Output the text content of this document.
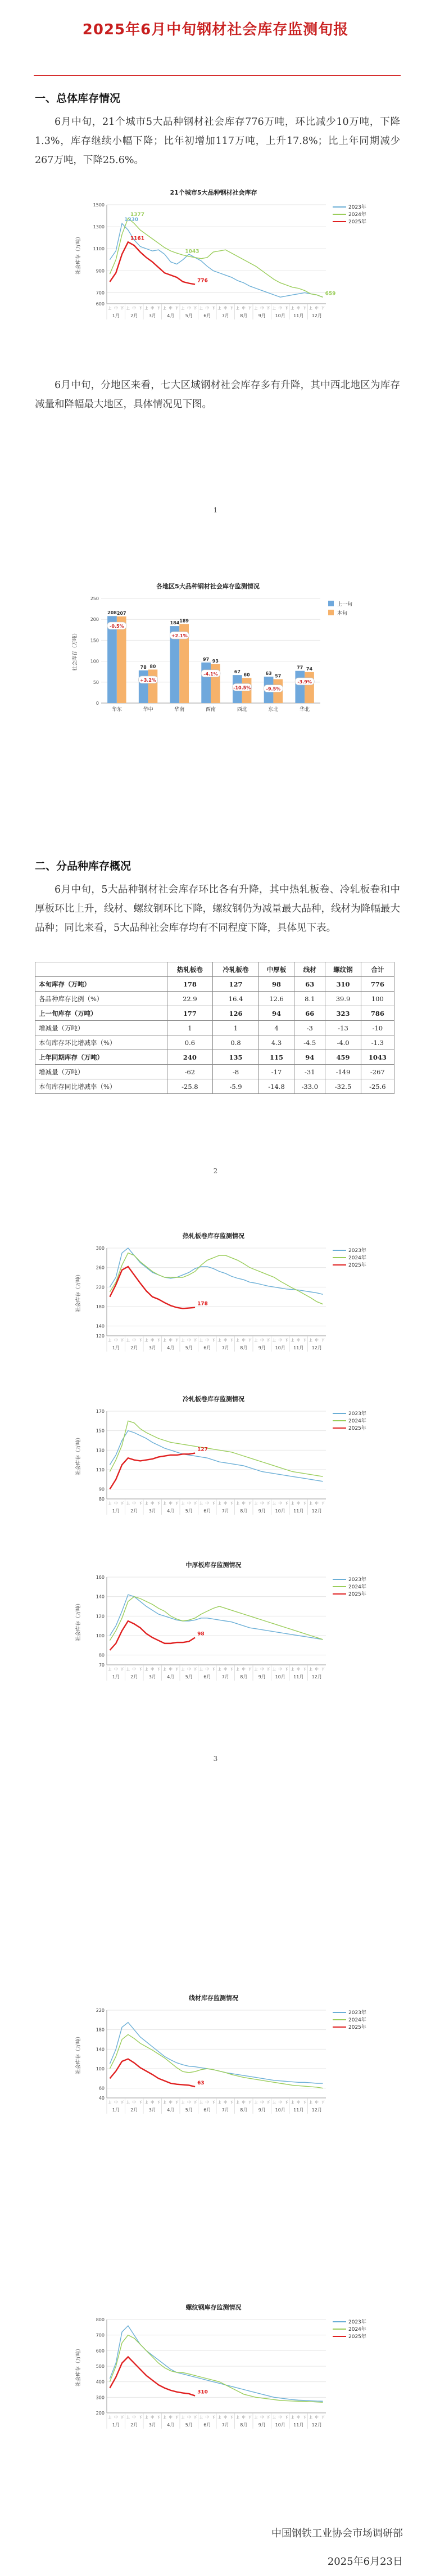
2025年6月中旬钢材社会库存监测旬报
一、总体库存情况
6月中旬，21个城市5大品种钢材社会库存776万吨，环比减少10万吨，下降1.3%，库存继续小幅下降；比年初增加117万吨，上升17.8%；比上年同期减少267万吨，下降25.6%。
21个城市5大品种钢材社会库存
社会库存（万吨）
1500
1300
1100
900
700
600
上 中 下
1月
上 中 下
2月
上 中 下
3月
上 中 下
4月
上 中 下
5月
上 中 下
6月
上 中 下
7月
上 中 下
8月
上 中 下
9月
上 中 下
10月
上 中 下
11月
上 中 下
12月
2023年
2024年
2025年
1377
1161
1330
1043
776
659
6月中旬，分地区来看，七大区域钢材社会库存多有升降，其中西北地区为库存减量和降幅最大地区，具体情况见下图。
1
各地区5大品种钢材社会库存监测情况
社会库存（万吨）
250
200
150
100
50
0
208 207
-0.5%
华东
78 80
+3.2%
华中
184 189
+2.1%
华南
97 93
-4.1%
西南
67
60
-10.5%
西北
63 57
-9.5%
东北
77 74
-3.9%
华北
上一旬
本旬
二、分品种库存概况
6月中旬，5大品种钢材社会库存环比各有升降，其中热轧板卷、冷轧板卷和中厚板环比上升，线材、螺纹钢环比下降，螺纹钢仍为减量最大品种，线材为降幅最大品种；同比来看，5大品种社会库存均有不同程度下降，具体见下表。
	热轧板卷	冷轧板卷	中厚板	线材	螺纹钢	合计
本旬库存（万吨）	178	127	98	63	310	776
各品种库存比例（%）	22.9	16.4	12.6	8.1	39.9	100
上一旬库存（万吨）	177	126	94	66	323	786
增减量（万吨）	1	1	4	-3	-13	-10
本旬库存环比增减率（%）	0.6	0.8	4.3	-4.5	-4.0	-1.3
上年同期库存（万吨）	240	135	115	94	459	1043
增减量（万吨）	-62	-8	-17	-31	-149	-267
本旬库存同比增减率（%）	-25.8	-5.9	-14.8	-33.0	-32.5	-25.6
2
热轧板卷库存监测情况
社会库存（万吨）
300
260
220
180
140
120
上 中 下
1月
上 中 下
2月
上 中 下
3月
上 中 下
4月
上 中 下
5月
上 中 下
6月
上 中 下
7月
上 中 下
8月
上 中 下
9月
上 中 下
10月
上 中 下
11月
上 中 下
12月
2023年
2024年
2025年
178
冷轧板卷库存监测情况
社会库存（万吨）
170
150
130
110
90
80
上 中 下
1月
上 中 下
2月
上 中 下
3月
上 中 下
4月
上 中 下
5月
上 中 下
6月
上 中 下
7月
上 中 下
8月
上 中 下
9月
上 中 下
10月
上 中 下
11月
上 中 下
12月
2023年
2024年
2025年
127
中厚板库存监测情况
社会库存（万吨）
160
140
120
100
80
70
上 中 下
1月
上 中 下
2月
上 中 下
3月
上 中 下
4月
上 中 下
5月
上 中 下
6月
上 中 下
7月
上 中 下
8月
上 中 下
9月
上 中 下
10月
上 中 下
11月
上 中 下
12月
2023年
2024年
2025年
98
3
线材库存监测情况
社会库存（万吨）
220
180
140
100
60
40
上 中 下
1月
上 中 下
2月
上 中 下
3月
上 中 下
4月
上 中 下
5月
上 中 下
6月
上 中 下
7月
上 中 下
8月
上 中 下
9月
上 中 下
10月
上 中 下
11月
上 中 下
12月
2023年
2024年
2025年
63
螺纹钢库存监测情况
社会库存（万吨）
800
700
600
500
400
300
200
上 中 下
1月
上 中 下
2月
上 中 下
3月
上 中 下
4月
上 中 下
5月
上 中 下
6月
上 中 下
7月
上 中 下
8月
上 中 下
9月
上 中 下
10月
上 中 下
11月
上 中 下
12月
2023年
2024年
2025年
310
中国钢铁工业协会市场调研部
2025年6月23日
